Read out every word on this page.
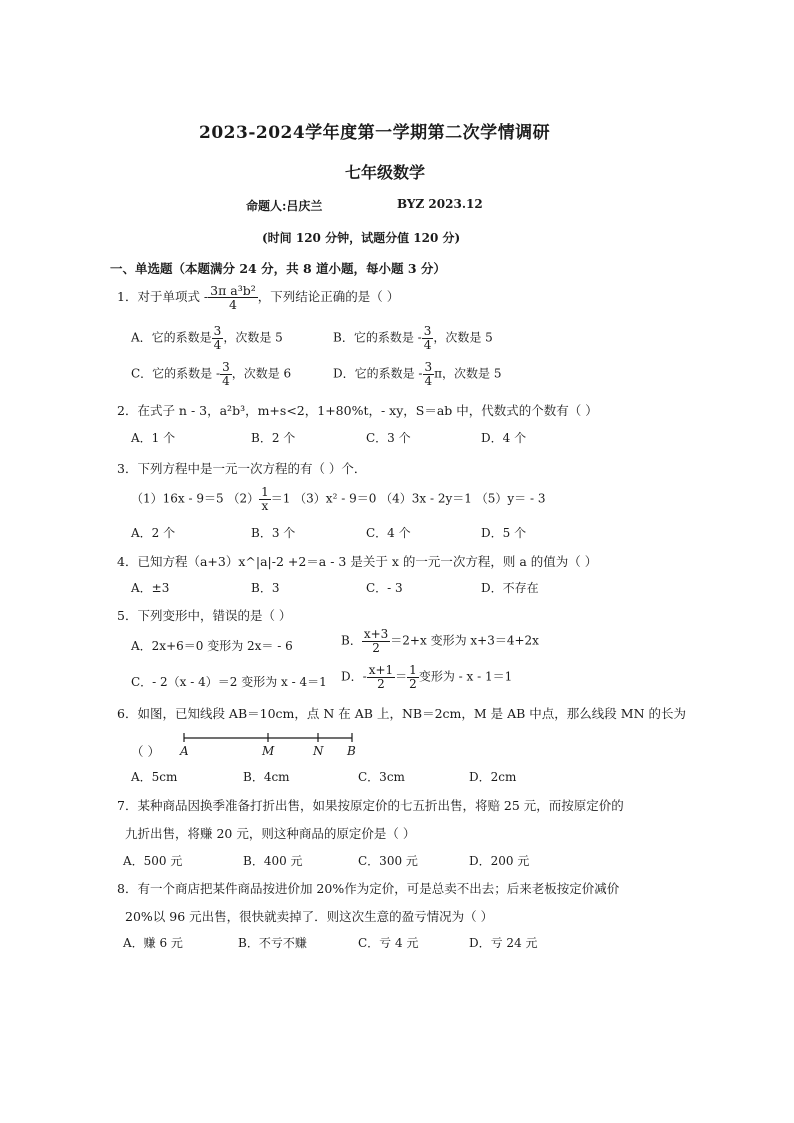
2023-2024学年度第一学期第二次学情调研
七年级数学
命题人:吕庆兰	BYZ 2023.12
(时间 120 分钟，试题分值 120 分)
一、单选题（本题满分 24 分，共 8 道小题，每小题 3 分）
1．对于单项式 - $\frac{\text{3π a³b²}}{4}$ ，下列结论正确的是（ ）
A．它的系数是 $\frac{3}{4}$ ，次数是 5	B．它的系数是 - $\frac{3}{4}$ ，次数是 5
C．它的系数是 - $\frac{3}{4}$ ，次数是 6	D．它的系数是 - $\frac{3}{4}$ π，次数是 5
2．在式子 n - 3，a²b³，m+s<2，1+80%t，- xy，S＝ab 中，代数式的个数有（ ）
A．1 个	B．2 个	C．3 个	D．4 个
3．下列方程中是一元一次方程的有（ ）个．
（1）16x - 9＝5 $(2) \frac{1}{x} =1$ （3）x² - 9＝0 （4）3x - 2y＝1 （5）y＝ - 3
A．2 个	B．3 个	C．4 个	D．5 个
4．已知方程（a+3）x^|a|-2 +2＝a - 3 是关于 x 的一元一次方程，则 a 的值为（ ）
A．±3	B．3	C．- 3	D．不存在
5．下列变形中，错误的是（ ）
A．2x+6＝0 变形为 2x＝ - 6	B． $\frac{x+3}{2} =2+x$ 变形为 x+3＝4+2x
C．- 2（x - 4）＝2 变形为 x - 4＝1 D．- $\frac{x+1}{2} = \frac{1}{2}$ 变形为 - x - 1＝1
6．如图，已知线段 AB＝10cm，点 N 在 AB 上，NB＝2cm，M 是 AB 中点，那么线段 MN 的长为
（ ） A	M	N B
A．5cm	B．4cm	C．3cm	D．2cm
7．某种商品因换季准备打折出售，如果按原定价的七五折出售，将赔 25 元，而按原定价的
九折出售，将赚 20 元，则这种商品的原定价是（ ）
A．500 元	B．400 元	C．300 元	D．200 元
8．有一个商店把某件商品按进价加 20%作为定价，可是总卖不出去；后来老板按定价减价
20%以 96 元出售，很快就卖掉了．则这次生意的盈亏情况为（ ）
A．赚 6 元	B．不亏不赚	C．亏 4 元	D．亏 24 元
